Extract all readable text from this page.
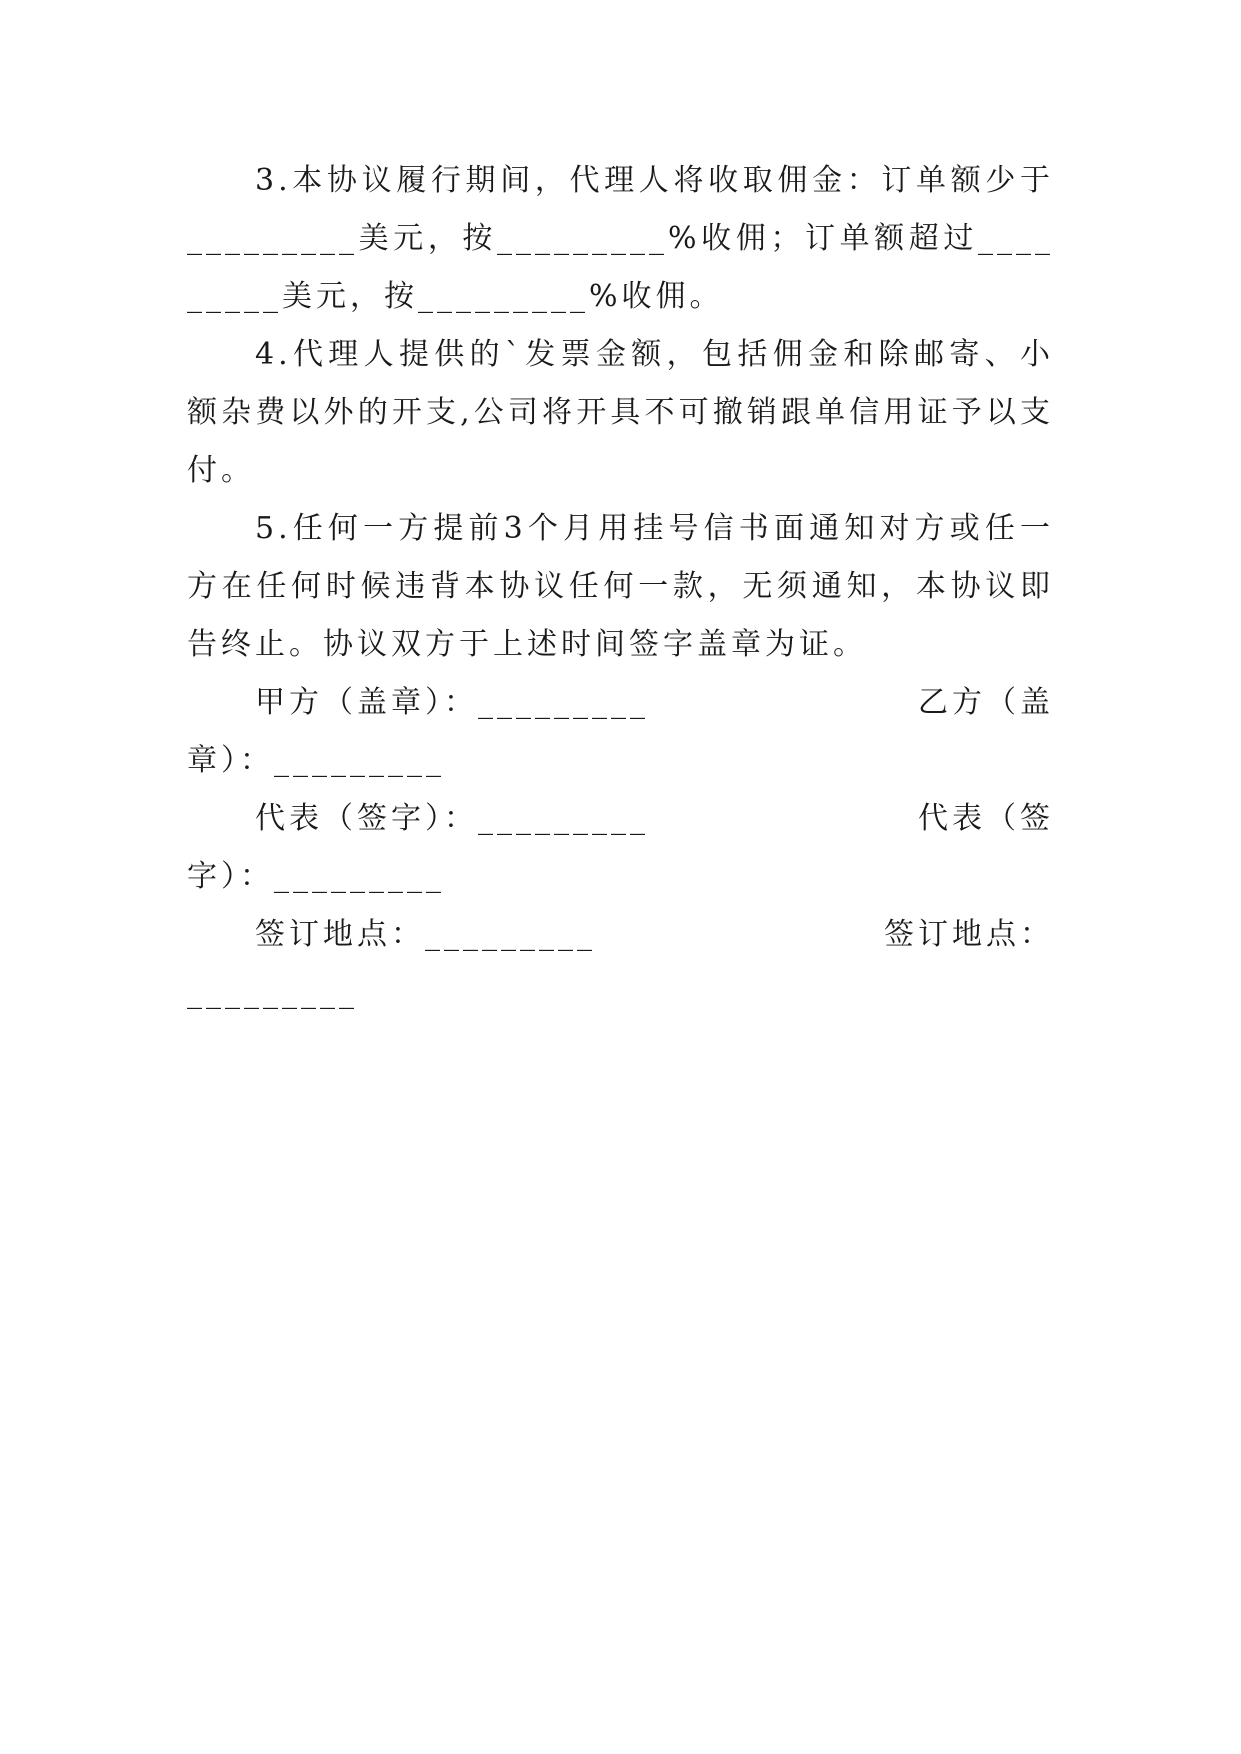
3.本协议履行期间，代理人将收取佣金：订单额少于_________美元，按_________%收佣；订单额超过_________美元，按_________%收佣。

4.代理人提供的`发票金额，包括佣金和除邮寄、小额杂费以外的开支,公司将开具不可撤销跟单信用证予以支付。

5.任何一方提前3个月用挂号信书面通知对方或任一方在任何时候违背本协议任何一款，无须通知，本协议即告终止。协议双方于上述时间签字盖章为证。

甲方（盖章）：_________	乙方（盖
章）：_________
代表（签字）：_________	代表（签
字）：_________
签订地点：_________	签订地点：
_________
